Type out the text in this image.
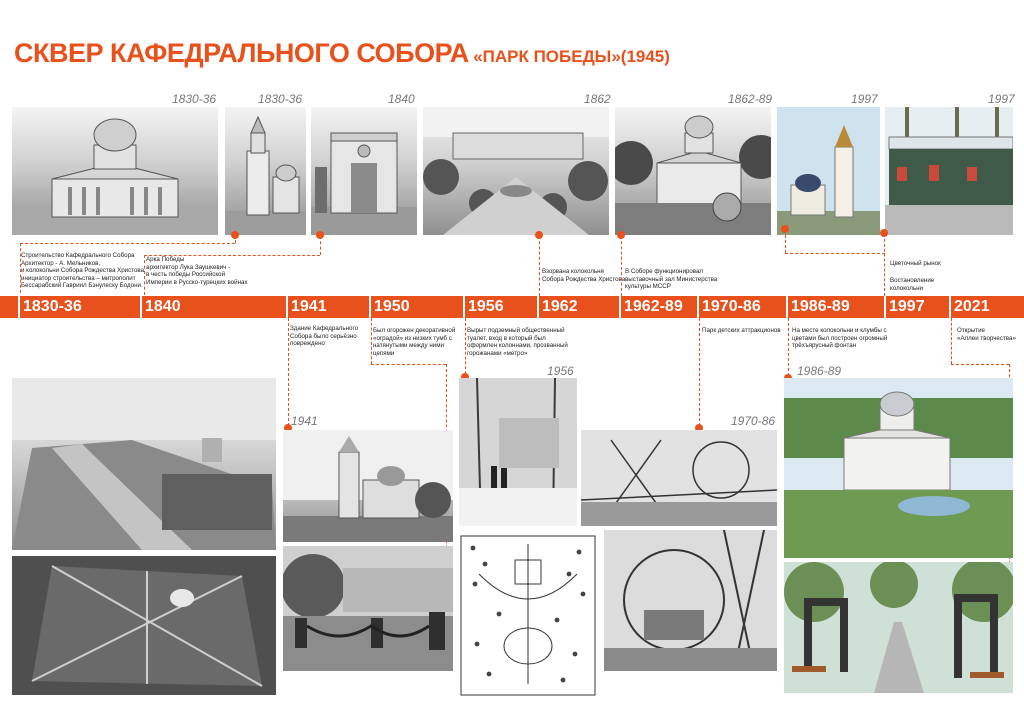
СКВЕР КАФЕДРАЛЬНОГО СОБОРА «ПАРК ПОБЕДЫ»(1945)
1830-36	1830-36	1840	1862	1862-89	1997	1997
Строительство Кафедрального Собора
Архитектор - А. Мельников,
и колокольни Собора Рождества Христова
инициатор строительства – митрополит
Бессарабский Гавриил Бэнулеску Бодони.
Арка Победы
архитектор Лука Заушкевич -
в честь победы Российской
Империи в Русско-турецких войнах
Взорвана колокольня
Собора Рождества Христова
В Соборе функционировал
выставочный зал Министерства
культуры МССР
Цветочный рынок
Востановление
колокольни
1830-36	1840	1941	1950	1956	1962	1962-89	1970-86	1986-89	1997	2021
Здание Кафедрального
Собора было серьёзно
повреждено
Был огорожен декоративной
«оградой» из низких тумб с
натянутыми между ними
цепями
Вырыт подземный общественный
туалет, вход в который был
оформлен колоннами, прозванный
горожанами «метро»
Парк детских аттракционов	На месте колокольни и клумбы с
цветами был построен огромный
трёхъярусный фонтан
Открытие
«Аллеи творчества»
1941
1956
1970-86
1986-89
